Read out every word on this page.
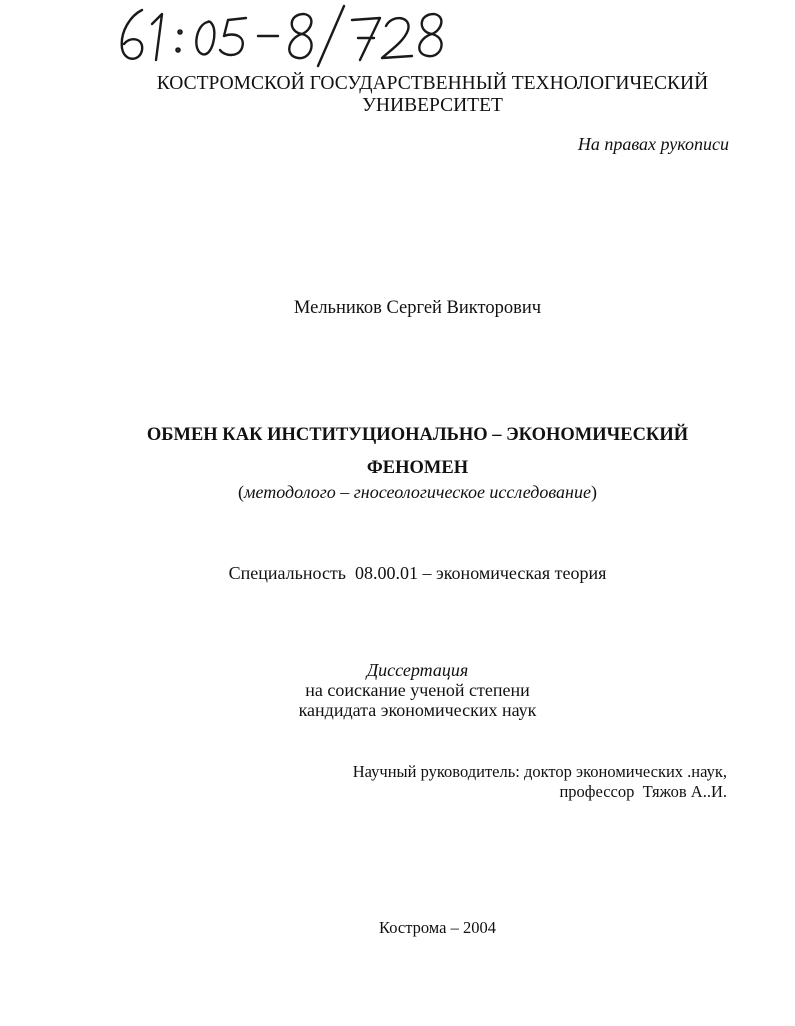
КОСТРОМСКОЙ ГОСУДАРСТВЕННЫЙ ТЕХНОЛОГИЧЕСКИЙ
УНИВЕРСИТЕТ
На правах рукописи
Мельников Сергей Викторович
ОБМЕН КАК ИНСТИТУЦИОНАЛЬНО – ЭКОНОМИЧЕСКИЙ
ФЕНОМЕН
(методолого – гносеологическое исследование)
Специальность  08.00.01 – экономическая теория
Диссертация
на соискание ученой степени
кандидата экономических наук
Научный руководитель: доктор экономических .наук,
профессор  Тяжов А..И.
Кострома – 2004
